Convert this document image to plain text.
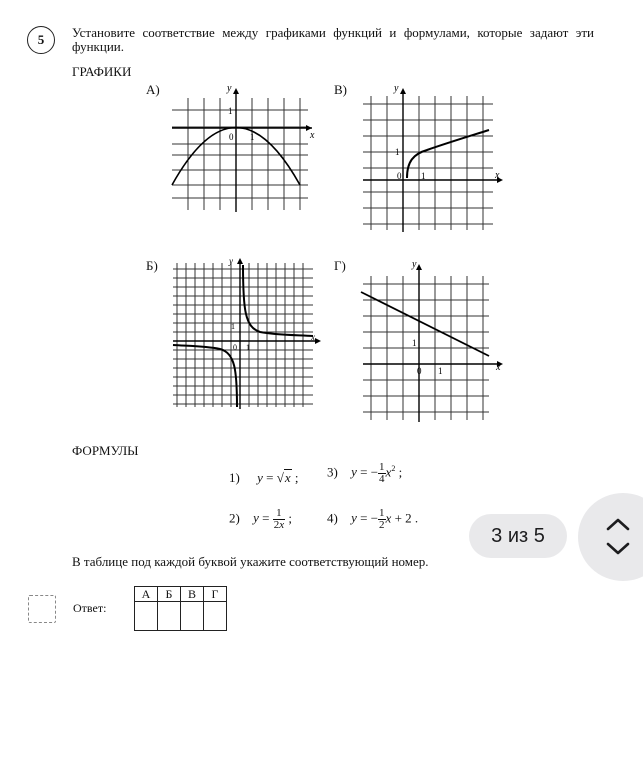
5	Установите соответствие между графиками функций и формулами, которые задают эти функции.
ГРАФИКИ
А)	В)
Б)	Г)
y
x
0 1
1
y
x
0 1
1
y
x
0 1
1
y
x
0 1
1
ФОРМУЛЫ
1) y = √x ; 3) y = − $\frac{1}{4} x^2$ ;
2) $y = \frac{1}{2x}$ ;	4) y = − $\frac{1}{2}$ x + 2 .
В таблице под каждой буквой укажите соответствующий номер.
Ответ:
А	Б	В	Г

3 из 5
